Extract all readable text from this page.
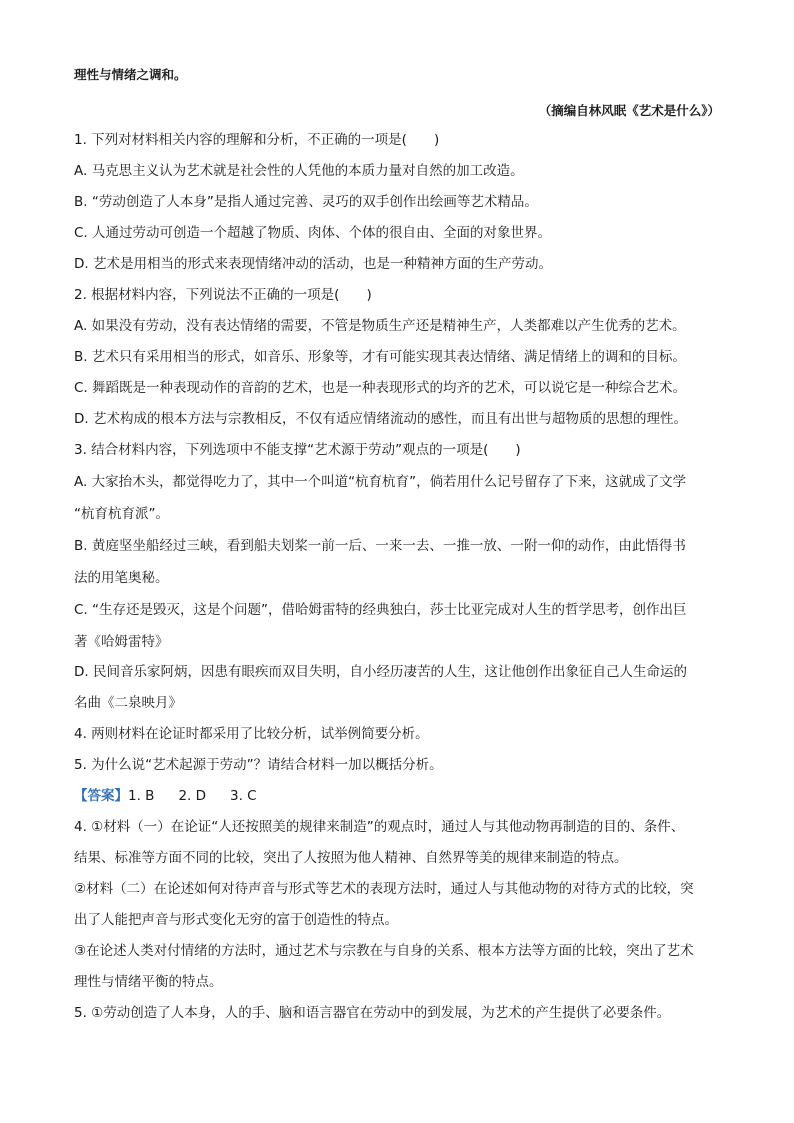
理性与情绪之调和。
（摘编自林风眠《艺术是什么》）
1. 下列对材料相关内容的理解和分析，不正确的一项是(　　)
A. 马克思主义认为艺术就是社会性的人凭他的本质力量对自然的加工改造。
B. “劳动创造了人本身”是指人通过完善、灵巧的双手创作出绘画等艺术精品。
C. 人通过劳动可创造一个超越了物质、肉体、个体的很自由、全面的对象世界。
D. 艺术是用相当的形式来表现情绪冲动的活动，也是一种精神方面的生产劳动。
2. 根据材料内容，下列说法不正确的一项是(　　)
A. 如果没有劳动，没有表达情绪的需要，不管是物质生产还是精神生产，人类都难以产生优秀的艺术。
B. 艺术只有采用相当的形式，如音乐、形象等，才有可能实现其表达情绪、满足情绪上的调和的目标。
C. 舞蹈既是一种表现动作的音韵的艺术，也是一种表现形式的均齐的艺术，可以说它是一种综合艺术。
D. 艺术构成的根本方法与宗教相反，不仅有适应情绪流动的感性，而且有出世与超物质的思想的理性。
3. 结合材料内容，下列选项中不能支撑“艺术源于劳动”观点的一项是(　　)
A. 大家抬木头，都觉得吃力了，其中一个叫道“杭育杭育”，倘若用什么记号留存了下来，这就成了文学
“杭育杭育派”。
B. 黄庭坚坐船经过三峡，看到船夫划桨一前一后、一来一去、一推一放、一附一仰的动作，由此悟得书
法的用笔奥秘。
C. “生存还是毁灭，这是个问题”，借哈姆雷特的经典独白，莎士比亚完成对人生的哲学思考，创作出巨
著《哈姆雷特》
D. 民间音乐家阿炳，因患有眼疾而双目失明，自小经历凄苦的人生，这让他创作出象征自己人生命运的
名曲《二泉映月》
4. 两则材料在论证时都采用了比较分析，试举例简要分析。
5. 为什么说“艺术起源于劳动”？请结合材料一加以概括分析。
【答案】1. B 2. D 3. C
4. ①材料（一）在论证“人还按照美的规律来制造”的观点时，通过人与其他动物再制造的目的、条件、
结果、标准等方面不同的比较，突出了人按照为他人精神、自然界等美的规律来制造的特点。
②材料（二）在论述如何对待声音与形式等艺术的表现方法时，通过人与其他动物的对待方式的比较，突
出了人能把声音与形式变化无穷的富于创造性的特点。
③在论述人类对付情绪的方法时，通过艺术与宗教在与自身的关系、根本方法等方面的比较，突出了艺术
理性与情绪平衡的特点。
5. ①劳动创造了人本身，人的手、脑和语言器官在劳动中的到发展，为艺术的产生提供了必要条件。
